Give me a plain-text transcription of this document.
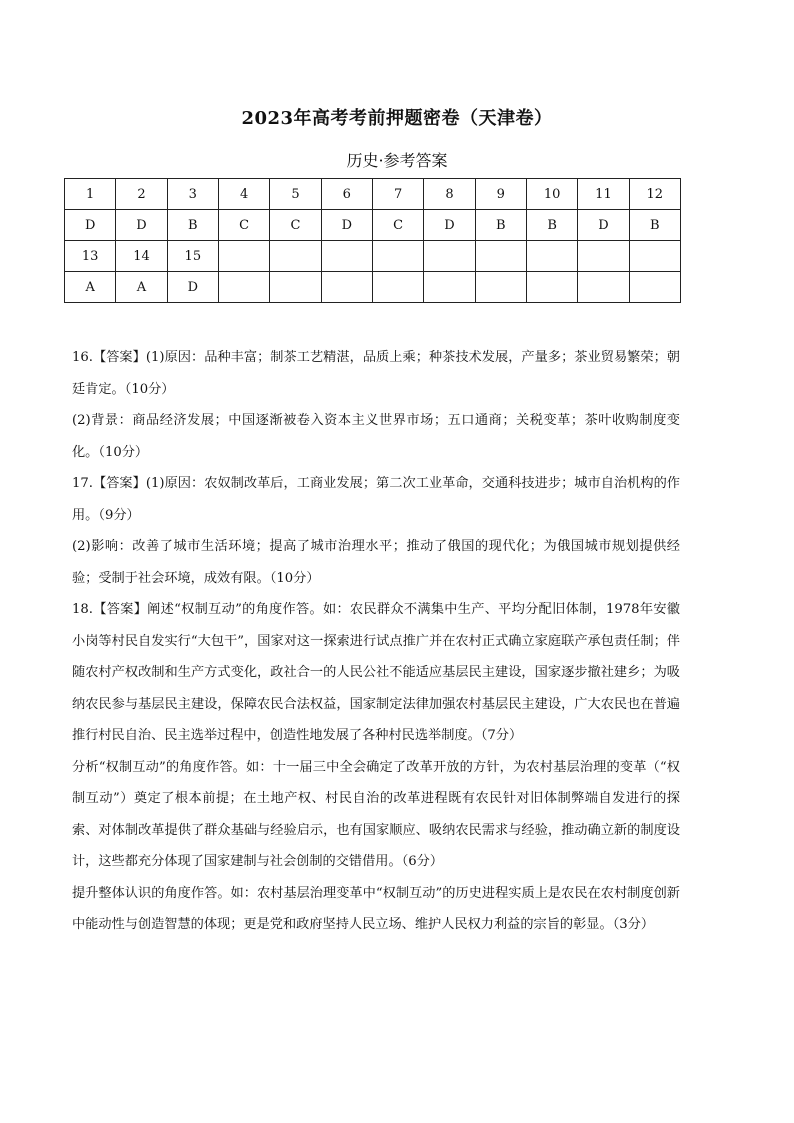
2023年高考考前押题密卷（天津卷）
历史·参考答案
1	2	3	4	5	6	7	8	9	10	11	12
D	D	B	C	C	D	C	D	B	B	D	B
13	14	15									
A	A	D									

16.【答案】(1)原因：品种丰富；制茶工艺精湛，品质上乘；种茶技术发展，产量多；茶业贸易繁荣；朝廷肯定。（10分）

(2)背景：商品经济发展；中国逐渐被卷入资本主义世界市场；五口通商；关税变革；茶叶收购制度变化。（10分）

17.【答案】(1)原因：农奴制改革后，工商业发展；第二次工业革命，交通科技进步；城市自治机构的作用。（9分）

(2)影响：改善了城市生活环境；提高了城市治理水平；推动了俄国的现代化；为俄国城市规划提供经验；受制于社会环境，成效有限。（10分）

18.【答案】阐述“权制互动”的角度作答。如：农民群众不满集中生产、平均分配旧体制，1978年安徽小岗等村民自发实行“大包干”，国家对这一探索进行试点推广并在农村正式确立家庭联产承包责任制；伴随农村产权改制和生产方式变化，政社合一的人民公社不能适应基层民主建设，国家逐步撤社建乡；为吸纳农民参与基层民主建设，保障农民合法权益，国家制定法律加强农村基层民主建设，广大农民也在普遍推行村民自治、民主选举过程中，创造性地发展了各种村民选举制度。（7分）

分析“权制互动”的角度作答。如：十一届三中全会确定了改革开放的方针，为农村基层治理的变革（“权制互动”）奠定了根本前提；在土地产权、村民自治的改革进程既有农民针对旧体制弊端自发进行的探索、对体制改革提供了群众基础与经验启示，也有国家顺应、吸纳农民需求与经验，推动确立新的制度设计，这些都充分体现了国家建制与社会创制的交错借用。（6分）

提升整体认识的角度作答。如：农村基层治理变革中“权制互动”的历史进程实质上是农民在农村制度创新中能动性与创造智慧的体现；更是党和政府坚持人民立场、维护人民权力利益的宗旨的彰显。（3分）
